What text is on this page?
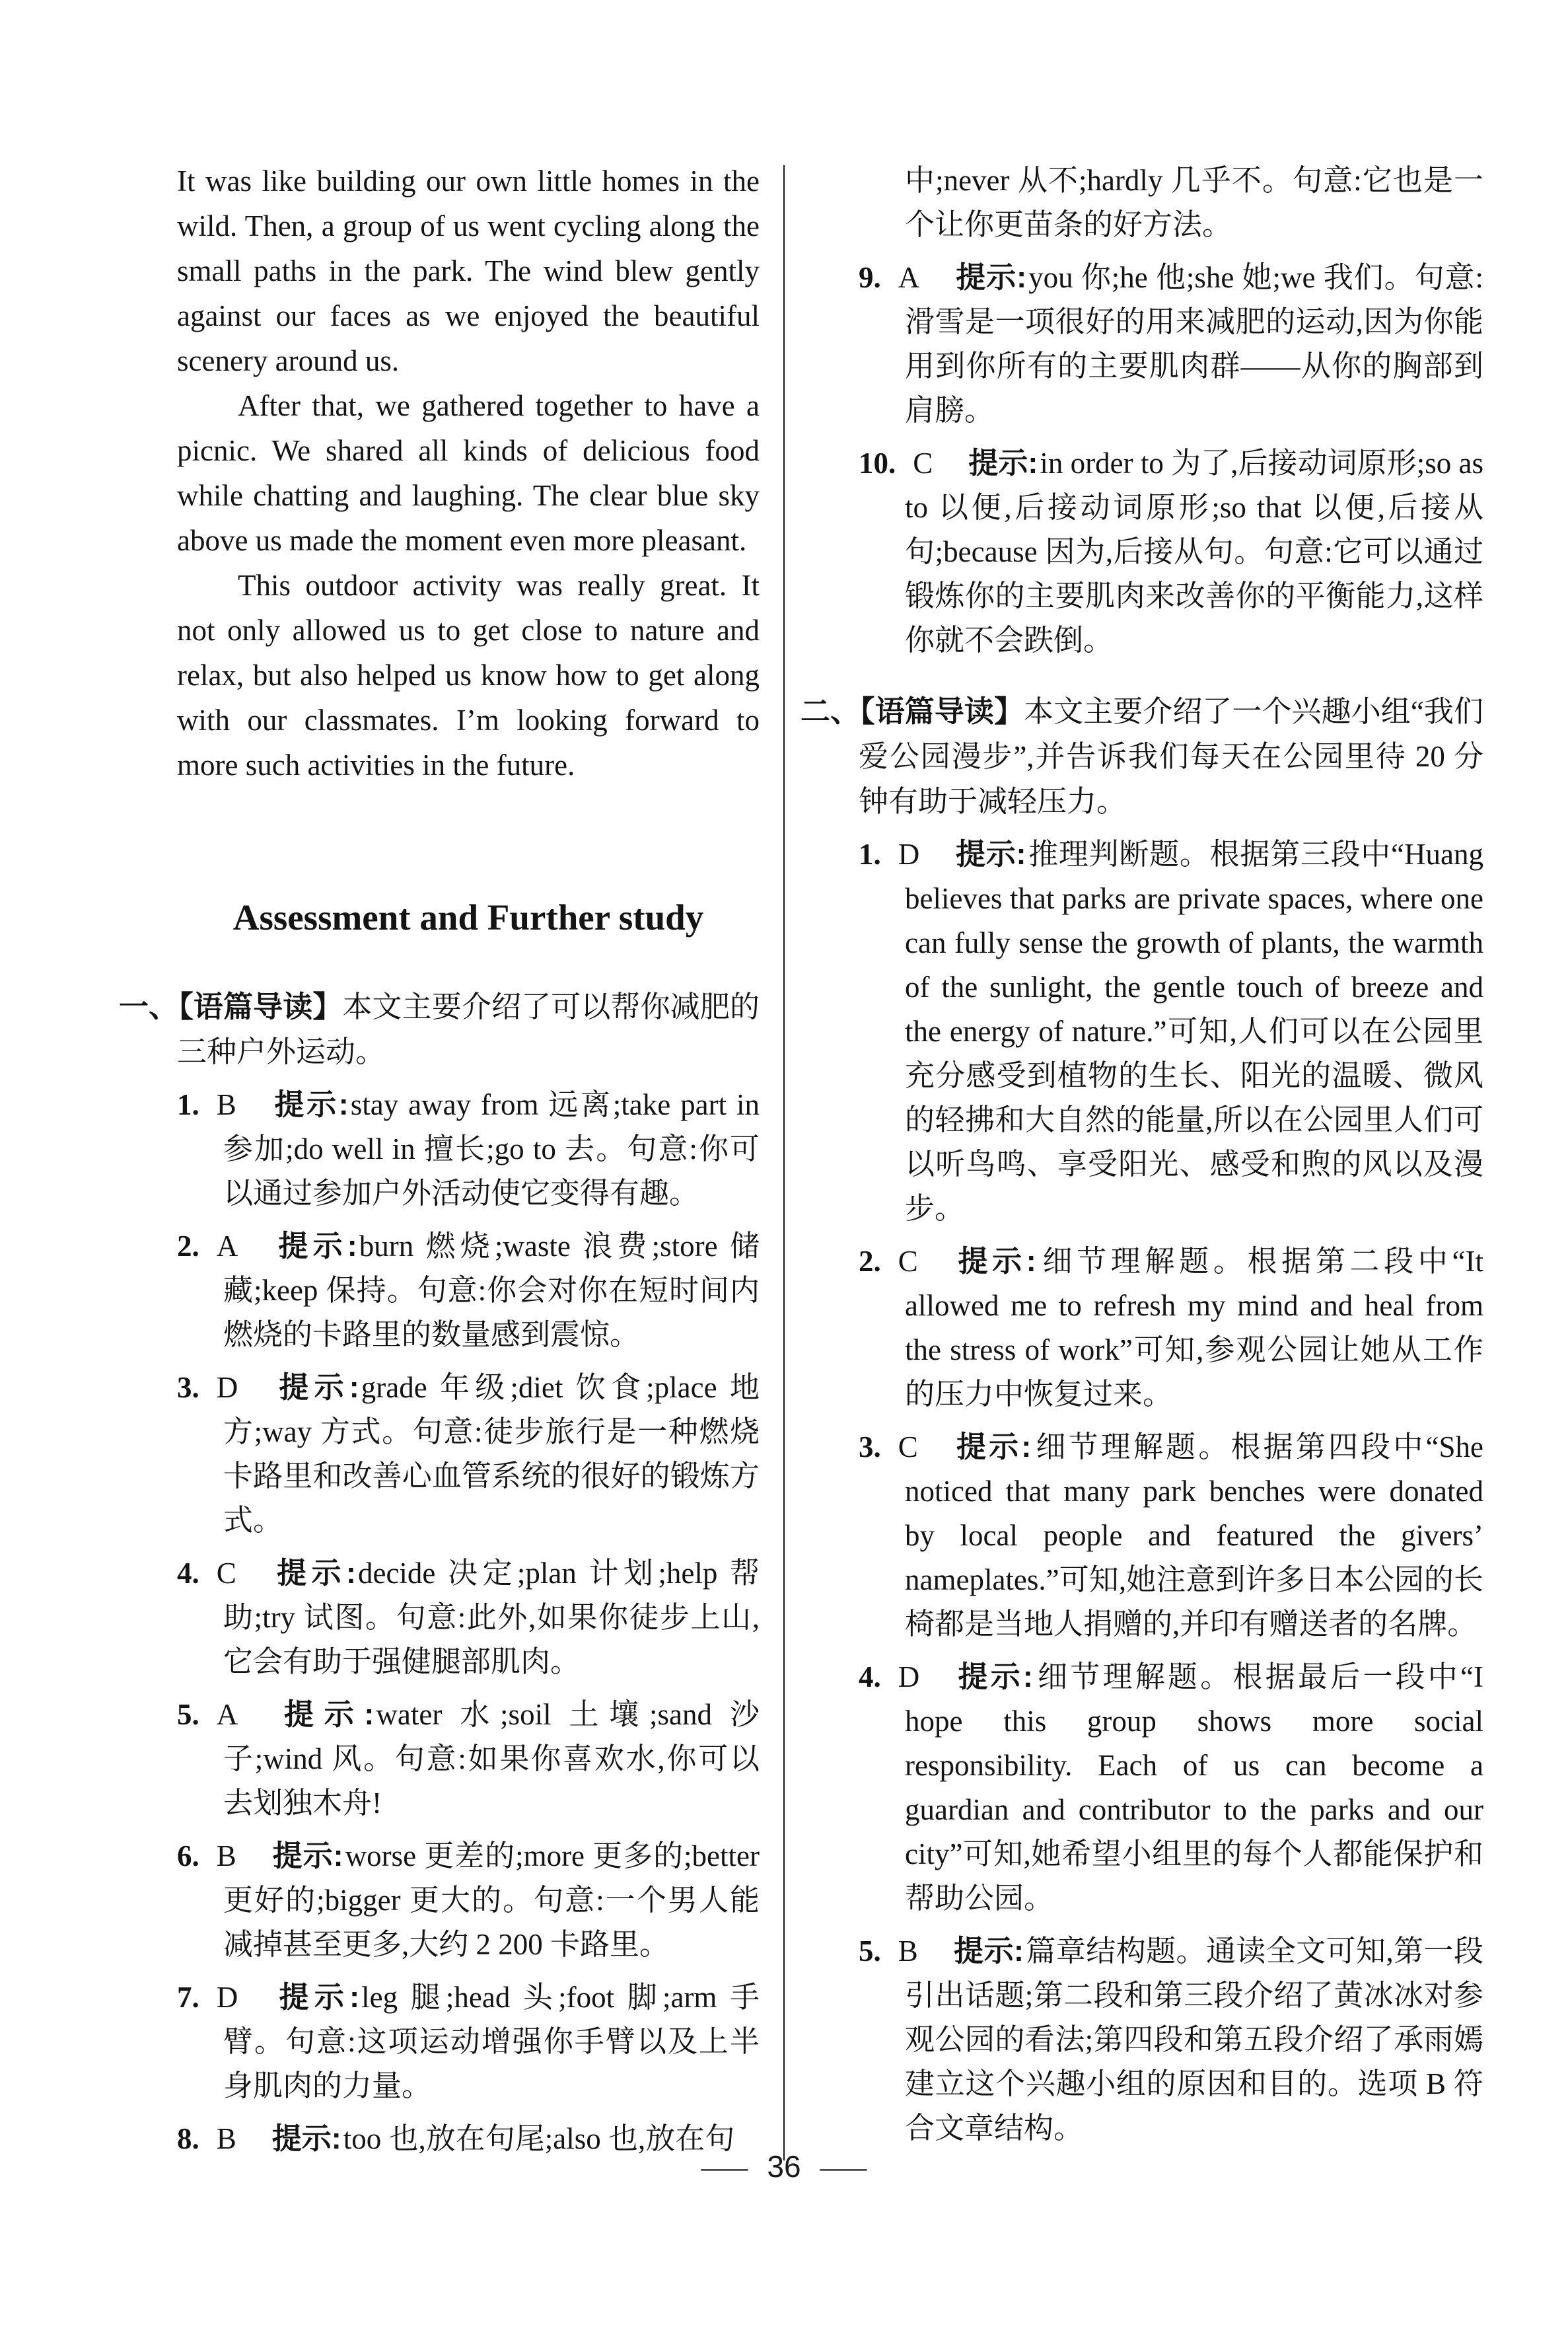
It was like building our own little homes in the wild. Then, a group of us went cycling along the small paths in the park. The wind blew gently against our faces as we enjoyed the beautiful scenery around us.

After that, we gathered together to have a picnic. We shared all kinds of delicious food while chatting and laughing. The clear blue sky above us made the moment even more pleasant.

This outdoor activity was really great. It not only allowed us to get close to nature and relax, but also helped us know how to get along with our classmates. I’m looking forward to more such activities in the future.

Assessment and Further study
一、【语篇导读】本文主要介绍了可以帮你减肥的三种户外运动。
1. B 提示:stay away from 远离;take part in 参加;do well in 擅长;go to 去。句意:你可以通过参加户外活动使它变得有趣。
2. A 提示:burn 燃烧;waste 浪费;store 储藏;keep 保持。句意:你会对你在短时间内燃烧的卡路里的数量感到震惊。
3. D 提示:grade 年级;diet 饮食;place 地方;way 方式。句意:徒步旅行是一种燃烧卡路里和改善心血管系统的很好的锻炼方式。
4. C 提示:decide 决定;plan 计划;help 帮助;try 试图。句意:此外,如果你徒步上山,它会有助于强健腿部肌肉。
5. A 提示:water 水;soil 土壤;sand 沙子;wind 风。句意:如果你喜欢水,你可以去划独木舟!
6. B 提示:worse 更差的;more 更多的;better 更好的;bigger 更大的。句意:一个男人能减掉甚至更多,大约 2 200 卡路里。
7. D 提示:leg 腿;head 头;foot 脚;arm 手臂。句意:这项运动增强你手臂以及上半身肌肉的力量。
8. B 提示:too 也,放在句尾;also 也,放在句

中;never 从不;hardly 几乎不。句意:它也是一个让你更苗条的好方法。

9. A 提示:you 你;he 他;she 她;we 我们。句意:滑雪是一项很好的用来减肥的运动,因为你能用到你所有的主要肌肉群——从你的胸部到肩膀。
10. C 提示:in order to 为了,后接动词原形;so as to 以便,后接动词原形;so that 以便,后接从句;because 因为,后接从句。句意:它可以通过锻炼你的主要肌肉来改善你的平衡能力,这样你就不会跌倒。
二、【语篇导读】本文主要介绍了一个兴趣小组“我们爱公园漫步”,并告诉我们每天在公园里待 20 分钟有助于减轻压力。
1. D 提示:推理判断题。根据第三段中“Huang believes that parks are private spaces, where one can fully sense the growth of plants, the warmth of the sunlight, the gentle touch of breeze and the energy of nature.”可知,人们可以在公园里充分感受到植物的生长、阳光的温暖、微风的轻拂和大自然的能量,所以在公园里人们可以听鸟鸣、享受阳光、感受和煦的风以及漫步。
2. C 提示:细节理解题。根据第二段中“It allowed me to refresh my mind and heal from the stress of work”可知,参观公园让她从工作的压力中恢复过来。
3. C 提示:细节理解题。根据第四段中“She noticed that many park benches were donated by local people and featured the givers’ nameplates.”可知,她注意到许多日本公园的长椅都是当地人捐赠的,并印有赠送者的名牌。
4. D 提示:细节理解题。根据最后一段中“I hope this group shows more social responsibility. Each of us can become a guardian and contributor to the parks and our city”可知,她希望小组里的每个人都能保护和帮助公园。
5. B 提示:篇章结构题。通读全文可知,第一段引出话题;第二段和第三段介绍了黄冰冰对参观公园的看法;第四段和第五段介绍了承雨嫣建立这个兴趣小组的原因和目的。选项 B 符合文章结构。
— 36 —
